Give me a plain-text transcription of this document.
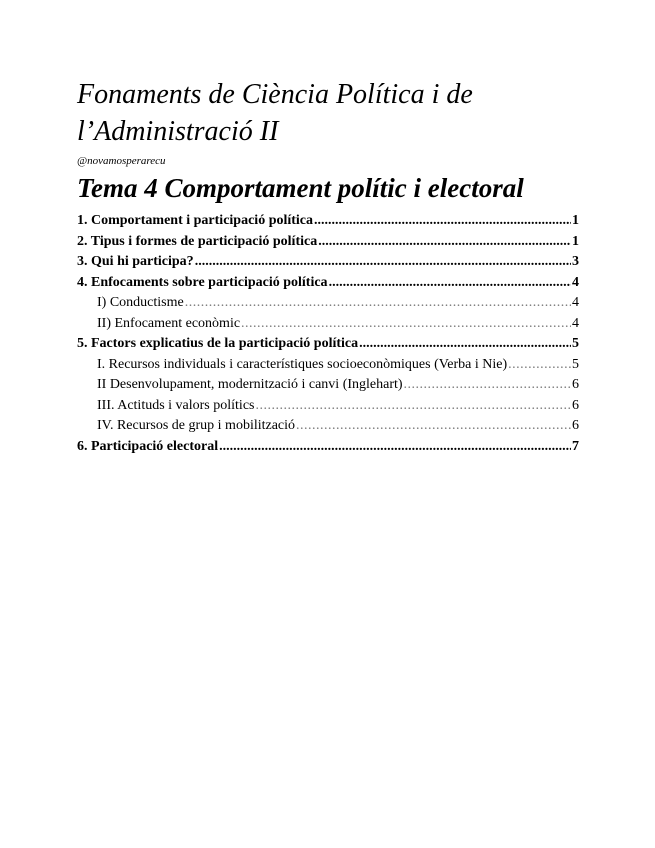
Fonaments de Ciència Política i de l’Administració II

@novamosperarecu

Tema 4 Comportament polític i electoral
1. Comportament i participació política .....	1
2. Tipus i formes de participació política .....	1
3. Qui hi participa? .....	3
4. Enfocaments sobre participació política .....	4
I) Conductisme .....	4
II) Enfocament econòmic .....	4
5. Factors explicatius de la participació política .....	5
I. Recursos individuals i característiques socioeconòmiques (Verba i Nie) .....	5
II Desenvolupament, modernització i canvi (Inglehart) .....	6
III. Actituds i valors polítics .....	6
IV. Recursos de grup i mobilització .....	6
6. Participació electoral .....	7
